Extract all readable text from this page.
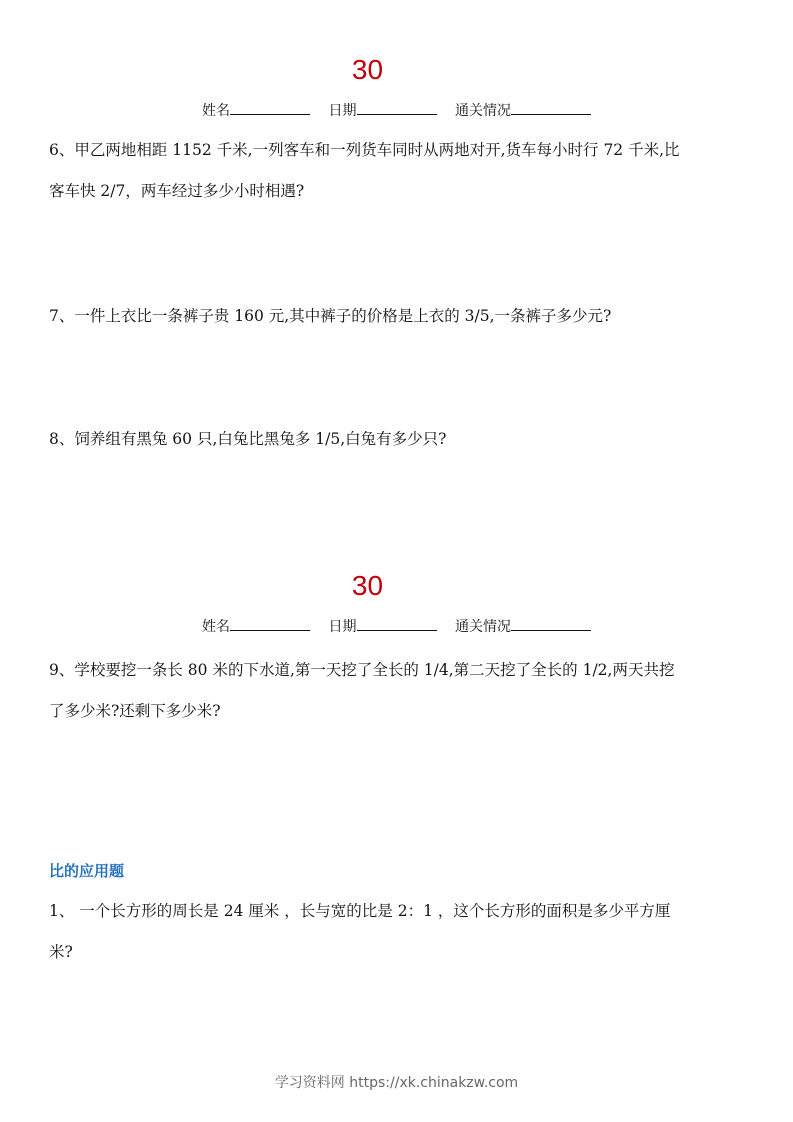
30
姓名	日期	通关情况
6、甲乙两地相距 1152 千米,一列客车和一列货车同时从两地对开,货车每小时行 72 千米,比
客车快 2/7，两车经过多少小时相遇?
7、一件上衣比一条裤子贵 160 元,其中裤子的价格是上衣的 3/5,一条裤子多少元?
8、饲养组有黑兔 60 只,白兔比黑兔多 1/5,白兔有多少只?
30
姓名	日期	通关情况
9、学校要挖一条长 80 米的下水道,第一天挖了全长的 1/4,第二天挖了全长的 1/2,两天共挖
了多少米?还剩下多少米?
比的应用题
1、 一个长方形的周长是 24 厘米 ，长与宽的比是 2：1 ，这个长方形的面积是多少平方厘
米?
学习资料网 https://xk.chinakzw.com
